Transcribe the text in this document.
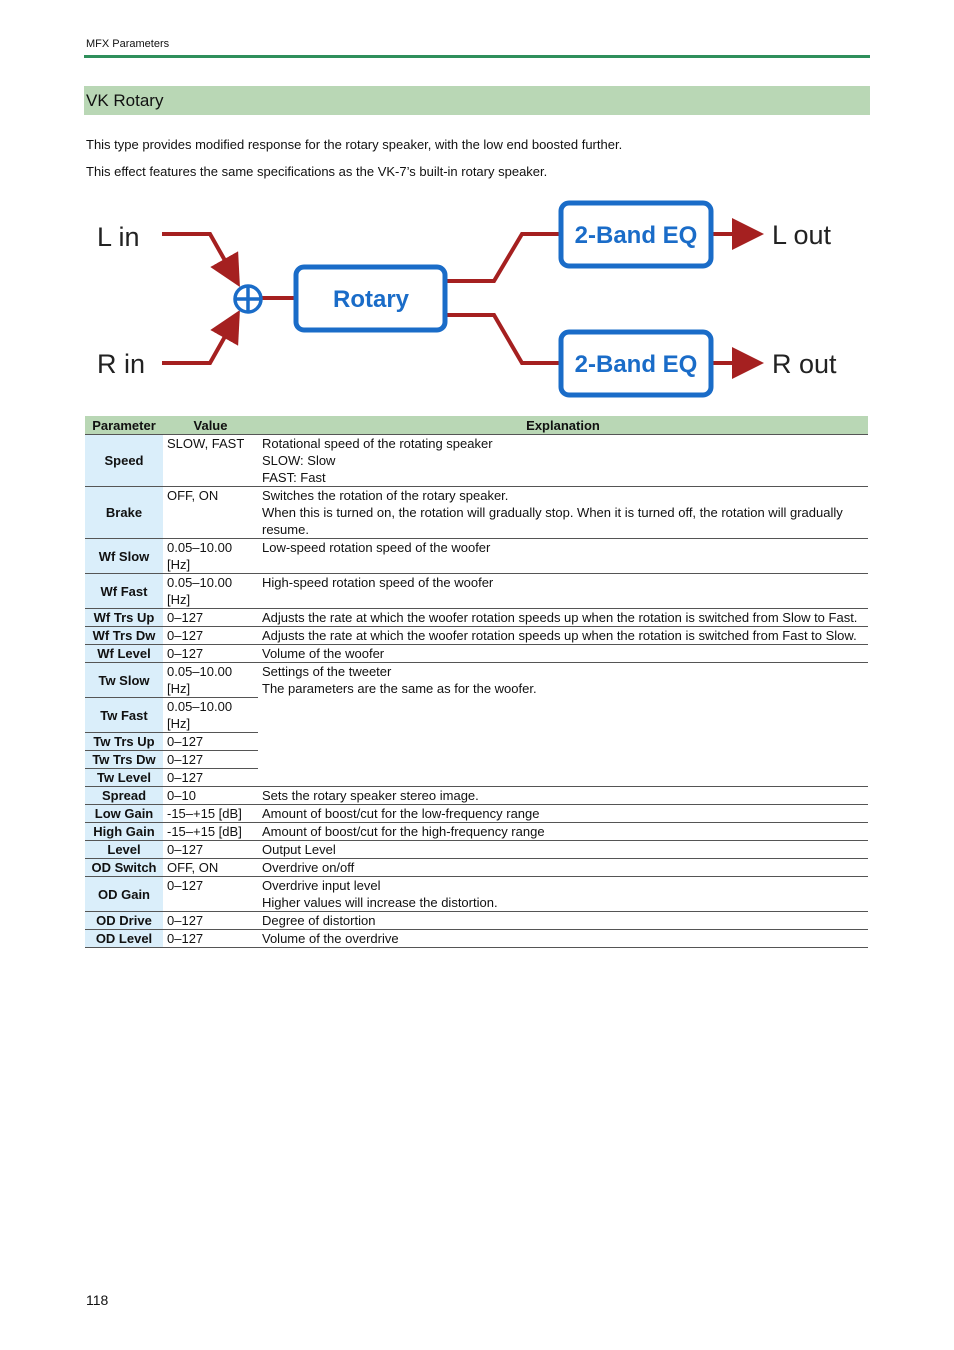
MFX Parameters
VK Rotary
This type provides modified response for the rotary speaker, with the low end boosted further.
This effect features the same specifications as the VK-7’s built-in rotary speaker.
Rotary
2-Band EQ
2-Band EQ
L in
R in
L out
R out
Parameter	Value	Explanation
Speed	SLOW, FAST	Rotational speed of the rotating speaker
SLOW: Slow
FAST: Fast

Brake	OFF, ON	Switches the rotation of the rotary speaker.
When this is turned on, the rotation will gradually stop. When it is turned off, the rotation will gradually resume.

Wf Slow	0.05–10.00 [Hz]	Low-speed rotation speed of the woofer

Wf Fast	0.05–10.00 [Hz]	High-speed rotation speed of the woofer

Wf Trs Up	0–127	Adjusts the rate at which the woofer rotation speeds up when the rotation is switched from Slow to Fast.

Wf Trs Dw	0–127	Adjusts the rate at which the woofer rotation speeds up when the rotation is switched from Fast to Slow.

Wf Level	0–127	Volume of the woofer

Tw Slow	0.05–10.00 [Hz]	Settings of the tweeter
The parameters are the same as for the woofer.

Tw Fast	0.05–10.00 [Hz]	
Tw Trs Up	0–127	
Tw Trs Dw	0–127	
Tw Level	0–127	
Spread	0–10	Sets the rotary speaker stereo image.

Low Gain	-15–+15 [dB]	Amount of boost/cut for the low-frequency range

High Gain	-15–+15 [dB]	Amount of boost/cut for the high-frequency range

Level	0–127	Output Level

OD Switch	OFF, ON	Overdrive on/off

OD Gain	0–127	Overdrive input level
Higher values will increase the distortion.

OD Drive	0–127	Degree of distortion

OD Level	0–127	Volume of the overdrive
118
